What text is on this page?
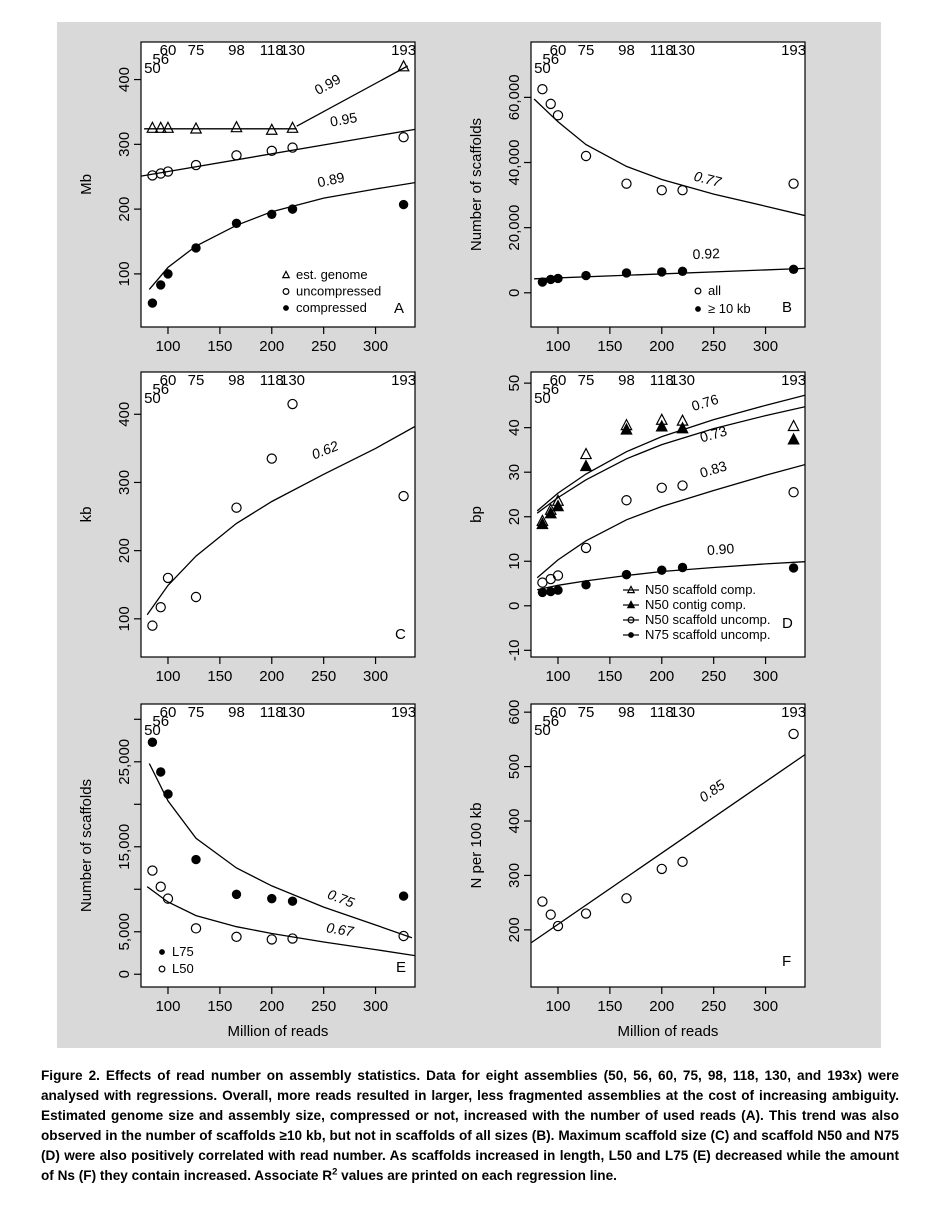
0.99
0.95
0.89
50
56
60 75 98 118
130	193
100
200
300
400
100 150 200 250 300
Mb
est. genome
uncompressed
compressed A
0.77
0.92
50
56
60 75 98 118
130	193
0
20,000
40,000
60,000
100 150 200 250 300
Number of scaffolds
all
≥ 10 kb B
0.62
50
56
60 75 98 118
130	193
100
200
300
400
100 150 200 250 300
kb
C
0.76
0.73
0.83
0.90
50
56
60 75 98 118
130	193
-10
0
10
20
30
40
50
100 150 200 250 300
bp
N50 scaffold comp.
N50 contig comp.
N50 scaffold uncomp.
N75 scaffold uncomp.
D
0.75
0.67
50
56
60 75 98 118
130	193
0
5,000
15,000
25,000
100 150 200 250 300
Number of scaffolds
Million of reads
L75
L50	E
0.85
50
56
60 75 98 118
130	193
200
300
400
500
600
100 150 200 250 300
N per 100 kb
Million of reads
F
Figure 2. Effects of read number on assembly statistics. Data for eight assemblies (50, 56, 60, 75, 98, 118, 130, and 193x) were analysed with regressions. Overall, more reads resulted in larger, less fragmented assemblies at the cost of increasing ambiguity. Estimated genome size and assembly size, compressed or not, increased with the number of used reads (A). This trend was also observed in the number of scaffolds ≥10 kb, but not in scaffolds of all sizes (B). Maximum scaffold size (C) and scaffold N50 and N75 (D) were also positively correlated with read number. As scaffolds increased in length, L50 and L75 (E) decreased while the amount of Ns (F) they contain increased. Associate $R^2$ values are printed on each regression line.
